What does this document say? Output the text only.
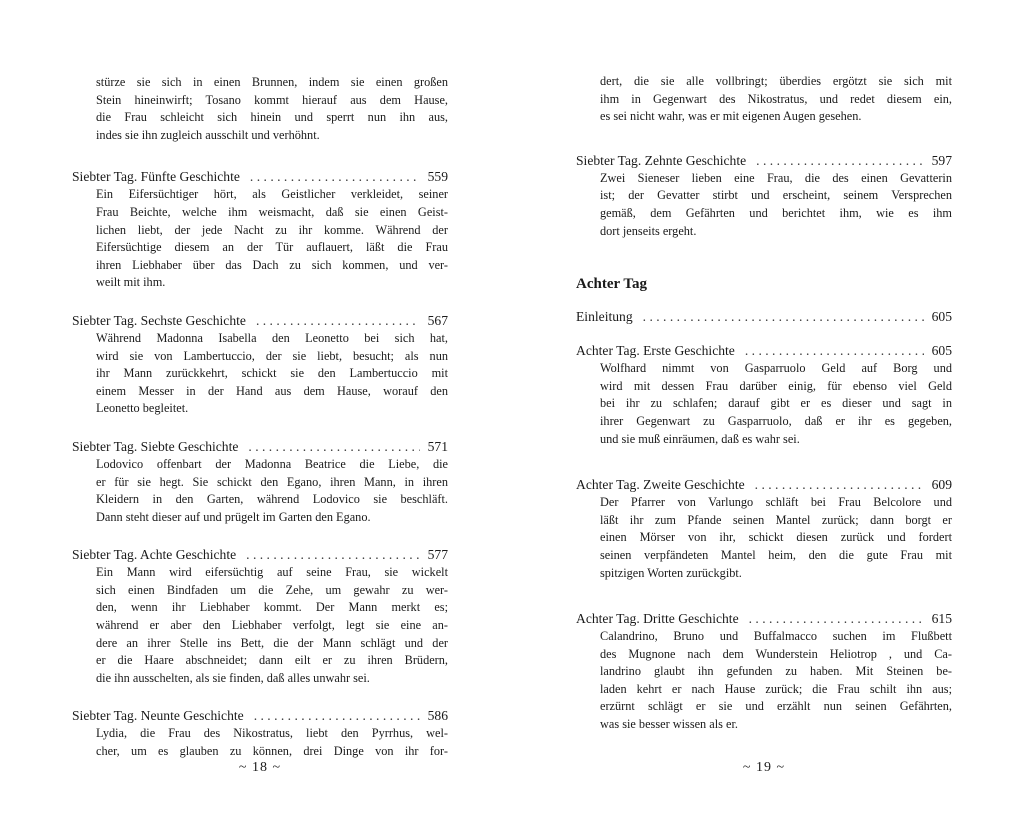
stürze sie sich in einen Brunnen, indem sie einen großen
Stein hineinwirft; Tosano kommt hierauf aus dem Hause,
die Frau schleicht sich hinein und sperrt nun ihn aus,
indes sie ihn zugleich ausschilt und verhöhnt.
Siebter Tag. Fünfte Geschichte . . .	559
Ein Eifersüchtiger hört, als Geistlicher verkleidet, seiner
Frau Beichte, welche ihm weismacht, daß sie einen Geist-
lichen liebt, der jede Nacht zu ihr komme. Während der
Eifersüchtige diesem an der Tür auflauert, läßt die Frau
ihren Liebhaber über das Dach zu sich kommen, und ver-
weilt mit ihm.
Siebter Tag. Sechste Geschichte . . .	567
Während Madonna Isabella den Leonetto bei sich hat,
wird sie von Lambertuccio, der sie liebt, besucht; als nun
ihr Mann zurückkehrt, schickt sie den Lambertuccio mit
einem Messer in der Hand aus dem Hause, worauf den
Leonetto begleitet.
Siebter Tag. Siebte Geschichte . . .	571
Lodovico offenbart der Madonna Beatrice die Liebe, die
er für sie hegt. Sie schickt den Egano, ihren Mann, in ihren
Kleidern in den Garten, während Lodovico sie beschläft.
Dann steht dieser auf und prügelt im Garten den Egano.
Siebter Tag. Achte Geschichte . . .	577
Ein Mann wird eifersüchtig auf seine Frau, sie wickelt
sich einen Bindfaden um die Zehe, um gewahr zu wer-
den, wenn ihr Liebhaber kommt. Der Mann merkt es;
während er aber den Liebhaber verfolgt, legt sie eine an-
dere an ihrer Stelle ins Bett, die der Mann schlägt und der
er die Haare abschneidet; dann eilt er zu ihren Brüdern,
die ihn ausschelten, als sie finden, daß alles unwahr sei.
Siebter Tag. Neunte Geschichte . . .	586
Lydia, die Frau des Nikostratus, liebt den Pyrrhus, wel-
cher, um es glauben zu können, drei Dinge von ihr for-
~ 18 ~
dert, die sie alle vollbringt; überdies ergötzt sie sich mit
ihm in Gegenwart des Nikostratus, und redet diesem ein,
es sei nicht wahr, was er mit eigenen Augen gesehen.
Siebter Tag. Zehnte Geschichte . . .	597
Zwei Sieneser lieben eine Frau, die des einen Gevatterin
ist; der Gevatter stirbt und erscheint, seinem Versprechen
gemäß, dem Gefährten und berichtet ihm, wie es ihm
dort jenseits ergeht.
Achter Tag
Einleitung . . .	605
Achter Tag. Erste Geschichte . . .	605
Wolfhard nimmt von Gasparruolo Geld auf Borg und
wird mit dessen Frau darüber einig, für ebenso viel Geld
bei ihr zu schlafen; darauf gibt er es dieser und sagt in
ihrer Gegenwart zu Gasparruolo, daß er ihr es gegeben,
und sie muß einräumen, daß es wahr sei.
Achter Tag. Zweite Geschichte . . .	609
Der Pfarrer von Varlungo schläft bei Frau Belcolore und
läßt ihr zum Pfande seinen Mantel zurück; dann borgt er
einen Mörser von ihr, schickt diesen zurück und fordert
seinen verpfändeten Mantel heim, den die gute Frau mit
spitzigen Worten zurückgibt.
Achter Tag. Dritte Geschichte . . .	615
Calandrino, Bruno und Buffalmacco suchen im Flußbett
des Mugnone nach dem Wunderstein Heliotrop , und Ca-
landrino glaubt ihn gefunden zu haben. Mit Steinen be-
laden kehrt er nach Hause zurück; die Frau schilt ihn aus;
erzürnt schlägt er sie und erzählt nun seinen Gefährten,
was sie besser wissen als er.
~ 19 ~
